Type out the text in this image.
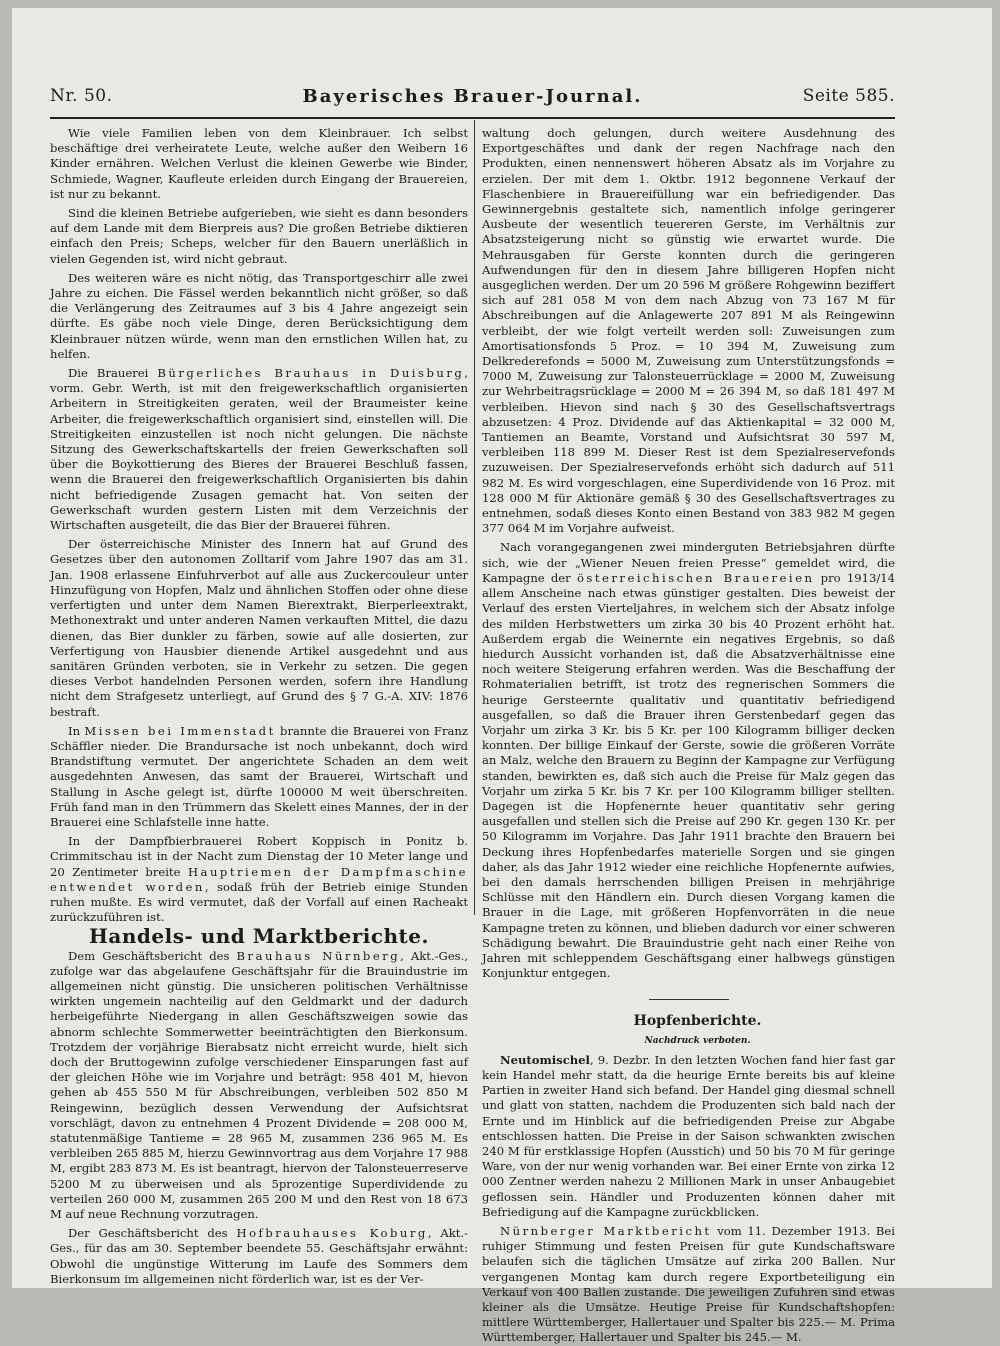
Nr. 50.	Bayerisches Brauer-Journal.	Seite 585.

Wie viele Familien leben von dem Kleinbrauer. Ich selbst beschäftige drei verheiratete Leute, welche außer den Weibern 16 Kinder ernähren. Welchen Verlust die kleinen Gewerbe wie Binder, Schmiede, Wagner, Kaufleute erleiden durch Eingang der Brauereien, ist nur zu bekannt.

Sind die kleinen Betriebe aufgerieben, wie sieht es dann besonders auf dem Lande mit dem Bierpreis aus? Die großen Betriebe diktieren einfach den Preis; Scheps, welcher für den Bauern unerläßlich in vielen Gegenden ist, wird nicht gebraut.

Des weiteren wäre es nicht nötig, das Transportgeschirr alle zwei Jahre zu eichen. Die Fässel werden bekanntlich nicht größer, so daß die Verlängerung des Zeitraumes auf 3 bis 4 Jahre angezeigt sein dürfte. Es gäbe noch viele Dinge, deren Berücksichtigung dem Kleinbrauer nützen würde, wenn man den ernstlichen Willen hat, zu helfen.

Die Brauerei Bürgerliches Brauhaus in Duisburg, vorm. Gebr. Werth, ist mit den freigewerkschaftlich organisierten Arbeitern in Streitigkeiten geraten, weil der Braumeister keine Arbeiter, die freigewerkschaftlich organisiert sind, einstellen will. Die Streitigkeiten einzustellen ist noch nicht gelungen. Die nächste Sitzung des Gewerkschaftskartells der freien Gewerkschaften soll über die Boykottierung des Bieres der Brauerei Beschluß fassen, wenn die Brauerei den freigewerkschaftlich Organisierten bis dahin nicht befriedigende Zusagen gemacht hat. Von seiten der Gewerkschaft wurden gestern Listen mit dem Verzeichnis der Wirtschaften ausgeteilt, die das Bier der Brauerei führen.

Der österreichische Minister des Innern hat auf Grund des Gesetzes über den autonomen Zolltarif vom Jahre 1907 das am 31. Jan. 1908 erlassene Einfuhrverbot auf alle aus Zuckercouleur unter Hinzufügung von Hopfen, Malz und ähnlichen Stoffen oder ohne diese verfertigten und unter dem Namen Bierextrakt, Bierperleextrakt, Methonextrakt und unter anderen Namen verkauften Mittel, die dazu dienen, das Bier dunkler zu färben, sowie auf alle dosierten, zur Verfertigung von Hausbier dienende Artikel ausgedehnt und aus sanitären Gründen verboten, sie in Verkehr zu setzen. Die gegen dieses Verbot handelnden Personen werden, sofern ihre Handlung nicht dem Strafgesetz unterliegt, auf Grund des § 7 G.-A. XIV: 1876 bestraft.

In Missen bei Immenstadt brannte die Brauerei von Franz Schäffler nieder. Die Brandursache ist noch unbekannt, doch wird Brandstiftung vermutet. Der angerichtete Schaden an dem weit ausgedehnten Anwesen, das samt der Brauerei, Wirtschaft und Stallung in Asche gelegt ist, dürfte 100000 M weit überschreiten. Früh fand man in den Trümmern das Skelett eines Mannes, der in der Brauerei eine Schlafstelle inne hatte.

In der Dampfbierbrauerei Robert Koppisch in Ponitz b. Crimmitschau ist in der Nacht zum Dienstag der 10 Meter lange und 20 Zentimeter breite Hauptriemen der Dampfmaschine entwendet worden, sodaß früh der Betrieb einige Stunden ruhen mußte. Es wird vermutet, daß der Vorfall auf einen Racheakt zurückzuführen ist.

Handels- und Marktberichte.

Dem Geschäftsbericht des Brauhaus Nürnberg, Akt.-Ges., zufolge war das abgelaufene Geschäftsjahr für die Brauindustrie im allgemeinen nicht günstig. Die unsicheren politischen Verhältnisse wirkten ungemein nachteilig auf den Geldmarkt und der dadurch herbeigeführte Niedergang in allen Geschäftszweigen sowie das abnorm schlechte Sommerwetter beeinträchtigten den Bierkonsum. Trotzdem der vorjährige Bierabsatz nicht erreicht wurde, hielt sich doch der Bruttogewinn zufolge verschiedener Einsparungen fast auf der gleichen Höhe wie im Vorjahre und beträgt: 958 401 M, hievon gehen ab 455 550 M für Abschreibungen, verbleiben 502 850 M Reingewinn, bezüglich dessen Verwendung der Aufsichtsrat vorschlägt, davon zu entnehmen 4 Prozent Dividende = 208 000 M, statutenmäßige Tantieme = 28 965 M, zusammen 236 965 M. Es verbleiben 265 885 M, hierzu Gewinnvortrag aus dem Vorjahre 17 988 M, ergibt 283 873 M. Es ist beantragt, hiervon der Talonsteuerreserve 5200 M zu überweisen und als 5prozentige Superdividende zu verteilen 260 000 M, zusammen 265 200 M und den Rest von 18 673 M auf neue Rechnung vorzutragen.

Der Geschäftsbericht des Hofbrauhauses Koburg, Akt.-Ges., für das am 30. September beendete 55. Geschäftsjahr erwähnt: Obwohl die ungünstige Witterung im Laufe des Sommers dem Bierkonsum im allgemeinen nicht förderlich war, ist es der Ver-

waltung doch gelungen, durch weitere Ausdehnung des Exportgeschäftes und dank der regen Nachfrage nach den Produkten, einen nennenswert höheren Absatz als im Vorjahre zu erzielen. Der mit dem 1. Oktbr. 1912 begonnene Verkauf der Flaschenbiere in Brauereifüllung war ein befriedigender. Das Gewinnergebnis gestaltete sich, namentlich infolge geringerer Ausbeute der wesentlich teuereren Gerste, im Verhältnis zur Absatzsteigerung nicht so günstig wie erwartet wurde. Die Mehrausgaben für Gerste konnten durch die geringeren Aufwendungen für den in diesem Jahre billigeren Hopfen nicht ausgeglichen werden. Der um 20 596 M größere Rohgewinn beziffert sich auf 281 058 M von dem nach Abzug von 73 167 M für Abschreibungen auf die Anlagewerte 207 891 M als Reingewinn verbleibt, der wie folgt verteilt werden soll: Zuweisungen zum Amortisationsfonds 5 Proz. = 10 394 M, Zuweisung zum Delkrederefonds = 5000 M, Zuweisung zum Unterstützungsfonds = 7000 M, Zuweisung zur Talonsteuerrücklage = 2000 M, Zuweisung zur Wehrbeitragsrücklage = 2000 M = 26 394 M, so daß 181 497 M verbleiben. Hievon sind nach § 30 des Gesellschaftsvertrags abzusetzen: 4 Proz. Dividende auf das Aktienkapital = 32 000 M, Tantiemen an Beamte, Vorstand und Aufsichtsrat 30 597 M, verbleiben 118 899 M. Dieser Rest ist dem Spezialreservefonds zuzuweisen. Der Spezialreservefonds erhöht sich dadurch auf 511 982 M. Es wird vorgeschlagen, eine Superdividende von 16 Proz. mit 128 000 M für Aktionäre gemäß § 30 des Gesellschaftsvertrages zu entnehmen, sodaß dieses Konto einen Bestand von 383 982 M gegen 377 064 M im Vorjahre aufweist.

Nach vorangegangenen zwei minderguten Betriebsjahren dürfte sich, wie der „Wiener Neuen freien Presse“ gemeldet wird, die Kampagne der österreichischen Brauereien pro 1913/14 allem Anscheine nach etwas günstiger gestalten. Dies beweist der Verlauf des ersten Vierteljahres, in welchem sich der Absatz infolge des milden Herbstwetters um zirka 30 bis 40 Prozent erhöht hat. Außerdem ergab die Weinernte ein negatives Ergebnis, so daß hiedurch Aussicht vorhanden ist, daß die Absatzverhältnisse eine noch weitere Steigerung erfahren werden. Was die Beschaffung der Rohmaterialien betrifft, ist trotz des regnerischen Sommers die heurige Gersteernte qualitativ und quantitativ befriedigend ausgefallen, so daß die Brauer ihren Gerstenbedarf gegen das Vorjahr um zirka 3 Kr. bis 5 Kr. per 100 Kilogramm billiger decken konnten. Der billige Einkauf der Gerste, sowie die größeren Vorräte an Malz, welche den Brauern zu Beginn der Kampagne zur Verfügung standen, bewirkten es, daß sich auch die Preise für Malz gegen das Vorjahr um zirka 5 Kr. bis 7 Kr. per 100 Kilogramm billiger stellten. Dagegen ist die Hopfenernte heuer quantitativ sehr gering ausgefallen und stellen sich die Preise auf 290 Kr. gegen 130 Kr. per 50 Kilogramm im Vorjahre. Das Jahr 1911 brachte den Brauern bei Deckung ihres Hopfenbedarfes materielle Sorgen und sie gingen daher, als das Jahr 1912 wieder eine reichliche Hopfenernte aufwies, bei den damals herrschenden billigen Preisen in mehrjährige Schlüsse mit den Händlern ein. Durch diesen Vorgang kamen die Brauer in die Lage, mit größeren Hopfenvorräten in die neue Kampagne treten zu können, und blieben dadurch vor einer schweren Schädigung bewahrt. Die Brauindustrie geht nach einer Reihe von Jahren mit schleppendem Geschäftsgang einer halbwegs günstigen Konjunktur entgegen.

Hopfenberichte.

Nachdruck verboten.

Neutomischel, 9. Dezbr. In den letzten Wochen fand hier fast gar kein Handel mehr statt, da die heurige Ernte bereits bis auf kleine Partien in zweiter Hand sich befand. Der Handel ging diesmal schnell und glatt von statten, nachdem die Produzenten sich bald nach der Ernte und im Hinblick auf die befriedigenden Preise zur Abgabe entschlossen hatten. Die Preise in der Saison schwankten zwischen 240 M für erstklassige Hopfen (Ausstich) und 50 bis 70 M für geringe Ware, von der nur wenig vorhanden war. Bei einer Ernte von zirka 12 000 Zentner werden nahezu 2 Millionen Mark in unser Anbaugebiet geflossen sein. Händler und Produzenten können daher mit Befriedigung auf die Kampagne zurückblicken.

Nürnberger Marktbericht vom 11. Dezember 1913. Bei ruhiger Stimmung und festen Preisen für gute Kundschaftsware belaufen sich die täglichen Umsätze auf zirka 200 Ballen. Nur vergangenen Montag kam durch regere Exportbeteiligung ein Verkauf von 400 Ballen zustande. Die jeweiligen Zufuhren sind etwas kleiner als die Umsätze. Heutige Preise für Kundschaftshopfen: mittlere Württemberger, Hallertauer und Spalter bis 225.— M. Prima Württemberger, Hallertauer und Spalter bis 245.— M.
